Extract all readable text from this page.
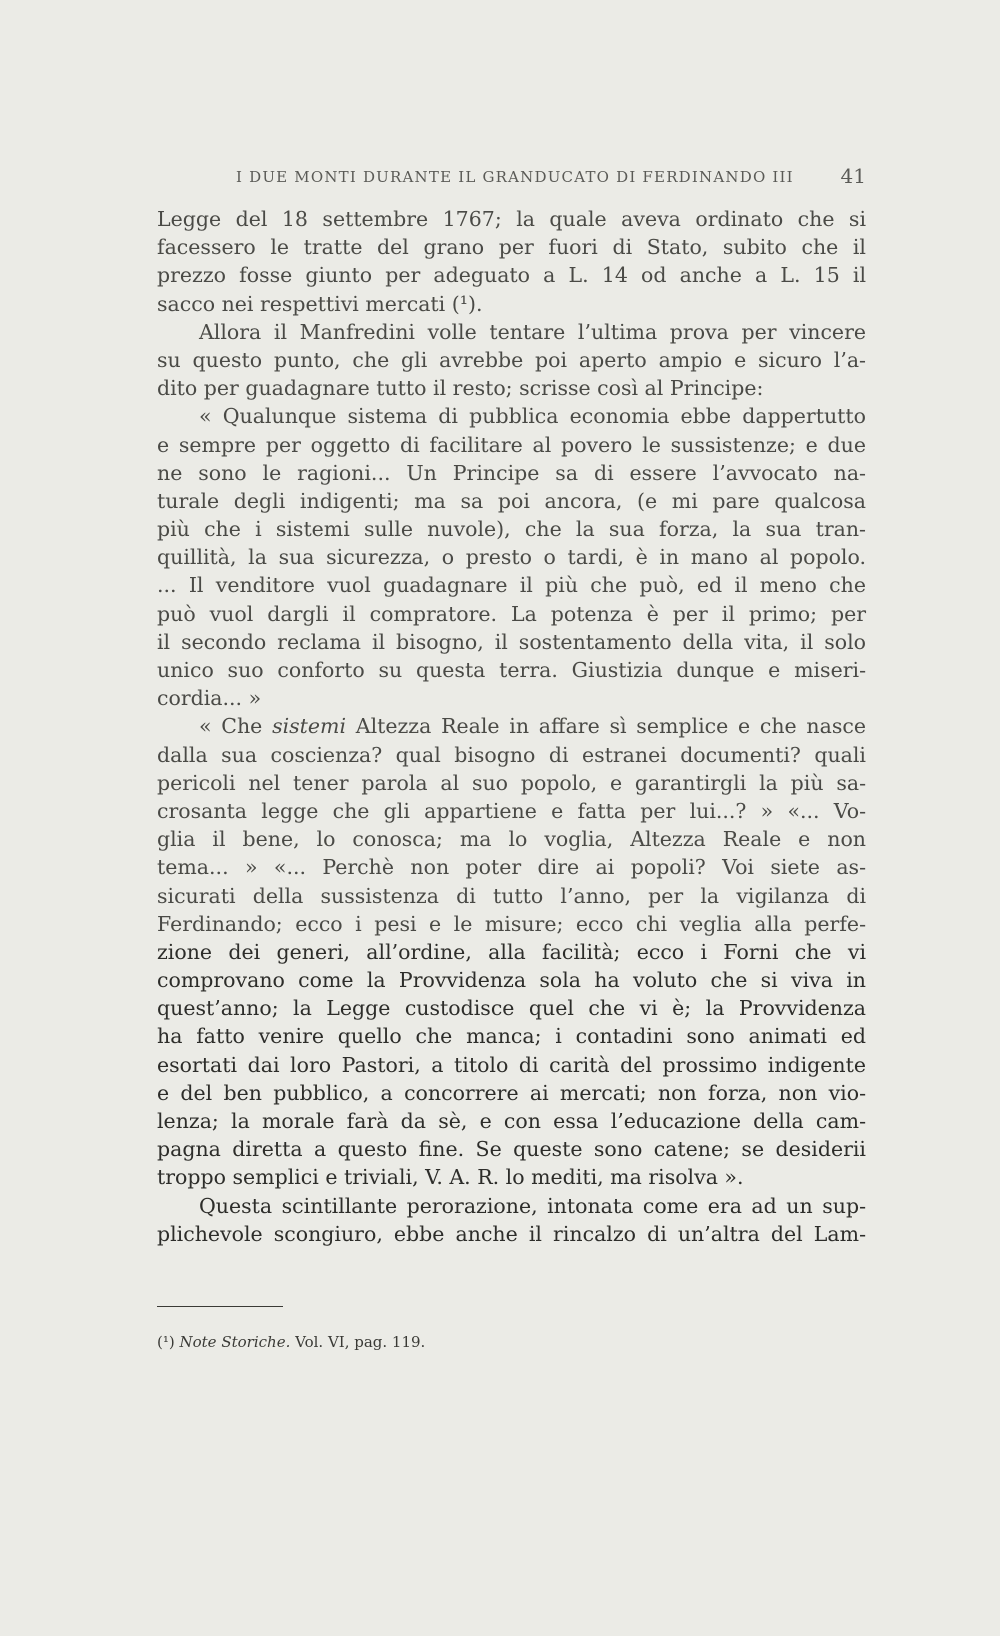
I DUE MONTI DURANTE IL GRANDUCATO DI FERDINANDO III 41
Legge del 18 settembre 1767; la quale aveva ordinato che si
facessero le tratte del grano per fuori di Stato, subito che il
prezzo fosse giunto per adeguato a L. 14 od anche a L. 15 il
sacco nei respettivi mercati (¹).
Allora il Manfredini volle tentare l’ultima prova per vincere
su questo punto, che gli avrebbe poi aperto ampio e sicuro l’a-
dito per guadagnare tutto il resto; scrisse così al Principe:
« Qualunque sistema di pubblica economia ebbe dappertutto
e sempre per oggetto di facilitare al povero le sussistenze; e due
ne sono le ragioni... Un Principe sa di essere l’avvocato na-
turale degli indigenti; ma sa poi ancora, (e mi pare qualcosa
più che i sistemi sulle nuvole), che la sua forza, la sua tran-
quillità, la sua sicurezza, o presto o tardi, è in mano al popolo.
... Il venditore vuol guadagnare il più che può, ed il meno che
può vuol dargli il compratore. La potenza è per il primo; per
il secondo reclama il bisogno, il sostentamento della vita, il solo
unico suo conforto su questa terra. Giustizia dunque e miseri-
cordia... »
« Che sistemi Altezza Reale in affare sì semplice e che nasce
dalla sua coscienza? qual bisogno di estranei documenti? quali
pericoli nel tener parola al suo popolo, e garantirgli la più sa-
crosanta legge che gli appartiene e fatta per lui...? » «... Vo-
glia il bene, lo conosca; ma lo voglia, Altezza Reale e non
tema... » «... Perchè non poter dire ai popoli? Voi siete as-
sicurati della sussistenza di tutto l’anno, per la vigilanza di
Ferdinando; ecco i pesi e le misure; ecco chi veglia alla perfe-
zione dei generi, all’ordine, alla facilità; ecco i Forni che vi
comprovano come la Provvidenza sola ha voluto che si viva in
quest’anno; la Legge custodisce quel che vi è; la Provvidenza
ha fatto venire quello che manca; i contadini sono animati ed
esortati dai loro Pastori, a titolo di carità del prossimo indigente
e del ben pubblico, a concorrere ai mercati; non forza, non vio-
lenza; la morale farà da sè, e con essa l’educazione della cam-
pagna diretta a questo fine. Se queste sono catene; se desiderii
troppo semplici e triviali, V. A. R. lo mediti, ma risolva ».
Questa scintillante perorazione, intonata come era ad un sup-
plichevole scongiuro, ebbe anche il rincalzo di un’altra del Lam-
(¹) Note Storiche. Vol. VI, pag. 119.
